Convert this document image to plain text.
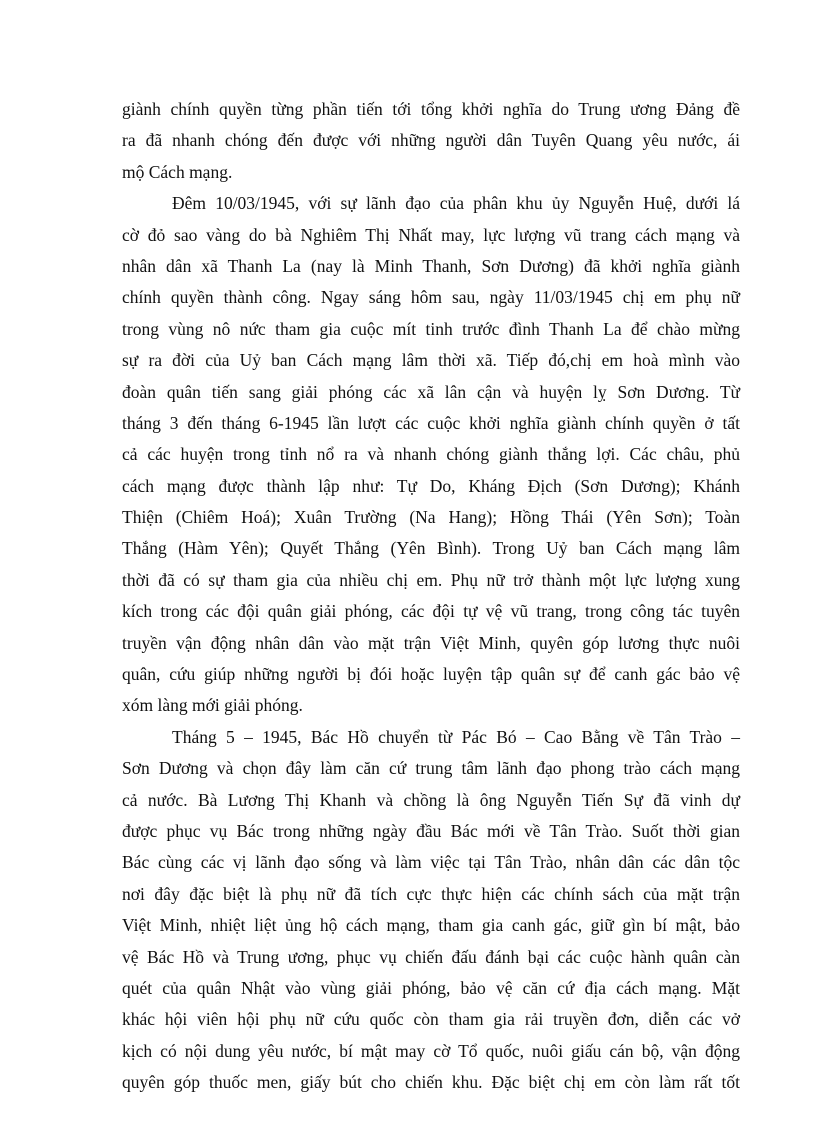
giành chính quyền từng phần tiến tới tổng khởi nghĩa do Trung ương Đảng đề
ra đã nhanh chóng đến được với những người dân Tuyên Quang yêu nước, ái
mộ Cách mạng.
Đêm 10/03/1945, với sự lãnh đạo của phân khu ủy Nguyễn Huệ, dưới lá
cờ đỏ sao vàng do bà Nghiêm Thị Nhất may, lực lượng vũ trang cách mạng và
nhân dân xã Thanh La (nay là Minh Thanh, Sơn Dương) đã khởi nghĩa giành
chính quyền thành công. Ngay sáng hôm sau, ngày 11/03/1945 chị em phụ nữ
trong vùng nô nức tham gia cuộc mít tinh trước đình Thanh La để chào mừng
sự ra đời của Uỷ ban Cách mạng lâm thời xã. Tiếp đó,chị em hoà mình vào
đoàn quân tiến sang giải phóng các xã lân cận và huyện lỵ Sơn Dương. Từ
tháng 3 đến tháng 6-1945 lần lượt các cuộc khởi nghĩa giành chính quyền ở tất
cả các huyện trong tỉnh nổ ra và nhanh chóng giành thắng lợi. Các châu, phủ
cách mạng được thành lập như: Tự Do, Kháng Địch (Sơn Dương); Khánh
Thiện (Chiêm Hoá); Xuân Trường (Na Hang); Hồng Thái (Yên Sơn); Toàn
Thắng (Hàm Yên); Quyết Thắng (Yên Bình). Trong Uỷ ban Cách mạng lâm
thời đã có sự tham gia của nhiều chị em. Phụ nữ trở thành một lực lượng xung
kích trong các đội quân giải phóng, các đội tự vệ vũ trang, trong công tác tuyên
truyền vận động nhân dân vào mặt trận Việt Minh, quyên góp lương thực nuôi
quân, cứu giúp những người bị đói hoặc luyện tập quân sự để canh gác bảo vệ
xóm làng mới giải phóng.
Tháng 5 – 1945, Bác Hồ chuyển từ Pác Bó – Cao Bằng về Tân Trào –
Sơn Dương và chọn đây làm căn cứ trung tâm lãnh đạo phong trào cách mạng
cả nước. Bà Lương Thị Khanh và chồng là ông Nguyễn Tiến Sự đã vinh dự
được phục vụ Bác trong những ngày đầu Bác mới về Tân Trào. Suốt thời gian
Bác cùng các vị lãnh đạo sống và làm việc tại Tân Trào, nhân dân các dân tộc
nơi đây đặc biệt là phụ nữ đã tích cực thực hiện các chính sách của mặt trận
Việt Minh, nhiệt liệt ủng hộ cách mạng, tham gia canh gác, giữ gìn bí mật, bảo
vệ Bác Hồ và Trung ương, phục vụ chiến đấu đánh bại các cuộc hành quân càn
quét của quân Nhật vào vùng giải phóng, bảo vệ căn cứ địa cách mạng. Mặt
khác hội viên hội phụ nữ cứu quốc còn tham gia rải truyền đơn, diễn các vở
kịch có nội dung yêu nước, bí mật may cờ Tổ quốc, nuôi giấu cán bộ, vận động
quyên góp thuốc men, giấy bút cho chiến khu. Đặc biệt chị em còn làm rất tốt
